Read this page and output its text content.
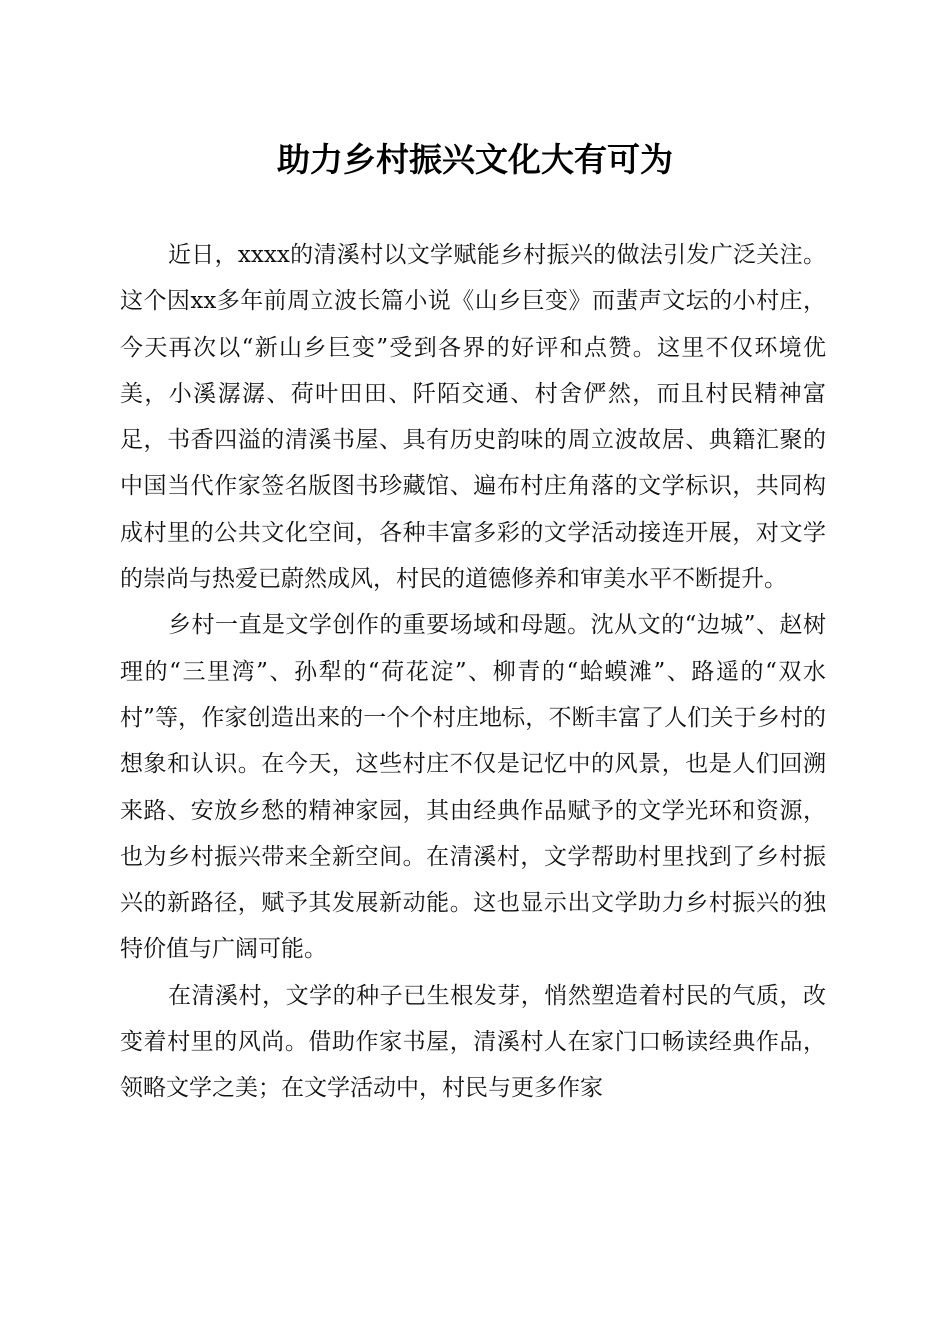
助力乡村振兴文化大有可为

近日，xxxx的清溪村以文学赋能乡村振兴的做法引发广泛关注。这个因xx多年前周立波长篇小说《山乡巨变》而蜚声文坛的小村庄，今天再次以“新山乡巨变”受到各界的好评和点赞。这里不仅环境优美，小溪潺潺、荷叶田田、阡陌交通、村舍俨然，而且村民精神富足，书香四溢的清溪书屋、具有历史韵味的周立波故居、典籍汇聚的中国当代作家签名版图书珍藏馆、遍布村庄角落的文学标识，共同构成村里的公共文化空间，各种丰富多彩的文学活动接连开展，对文学的崇尚与热爱已蔚然成风，村民的道德修养和审美水平不断提升。

乡村一直是文学创作的重要场域和母题。沈从文的“边城”、赵树理的“三里湾”、孙犁的“荷花淀”、柳青的“蛤蟆滩”、路遥的“双水村”等，作家创造出来的一个个村庄地标，不断丰富了人们关于乡村的想象和认识。在今天，这些村庄不仅是记忆中的风景，也是人们回溯来路、安放乡愁的精神家园，其由经典作品赋予的文学光环和资源，也为乡村振兴带来全新空间。在清溪村，文学帮助村里找到了乡村振兴的新路径，赋予其发展新动能。这也显示出文学助力乡村振兴的独特价值与广阔可能。

在清溪村，文学的种子已生根发芽，悄然塑造着村民的气质，改变着村里的风尚。借助作家书屋，清溪村人在家门口畅读经典作品，领略文学之美；在文学活动中，村民与更多作家
